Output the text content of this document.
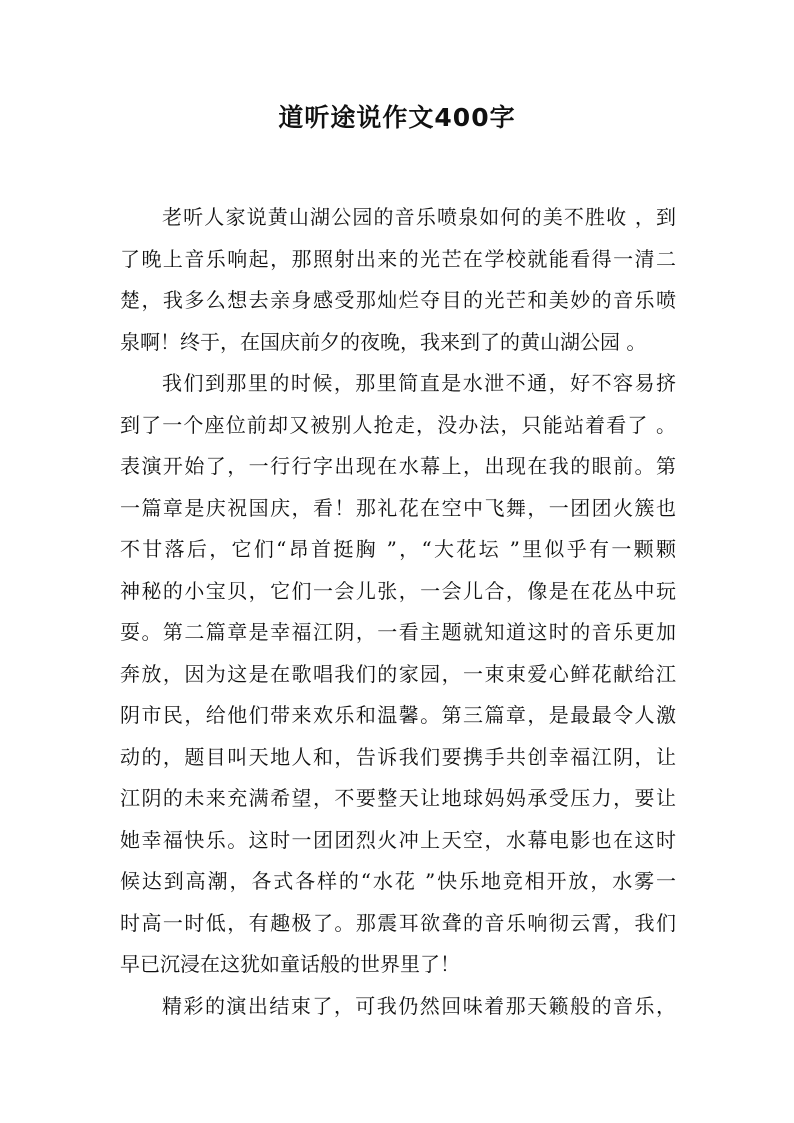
道听途说作文400字
老听人家说黄山湖公园的音乐喷泉如何的美不胜收 ，到
了晚上音乐响起，那照射出来的光芒在学校就能看得一清二
楚，我多么想去亲身感受那灿烂夺目的光芒和美妙的音乐喷
泉啊！终于，在国庆前夕的夜晚，我来到了的黄山湖公园 。
我们到那里的时候，那里简直是水泄不通，好不容易挤
到了一个座位前却又被别人抢走，没办法，只能站着看了 。
表演开始了，一行行字出现在水幕上，出现在我的眼前。第
一篇章是庆祝国庆，看！那礼花在空中飞舞，一团团火簇也
不甘落后，它们“昂首挺胸 ”，“大花坛 ”里似乎有一颗颗
神秘的小宝贝，它们一会儿张，一会儿合，像是在花丛中玩
耍。第二篇章是幸福江阴，一看主题就知道这时的音乐更加
奔放，因为这是在歌唱我们的家园，一束束爱心鲜花献给江
阴市民，给他们带来欢乐和温馨。第三篇章，是最最令人激
动的，题目叫天地人和，告诉我们要携手共创幸福江阴，让
江阴的未来充满希望，不要整天让地球妈妈承受压力，要让
她幸福快乐。这时一团团烈火冲上天空，水幕电影也在这时
候达到高潮，各式各样的“水花 ”快乐地竞相开放，水雾一
时高一时低，有趣极了。那震耳欲聋的音乐响彻云霄，我们
早已沉浸在这犹如童话般的世界里了！
精彩的演出结束了，可我仍然回味着那天籁般的音乐，
